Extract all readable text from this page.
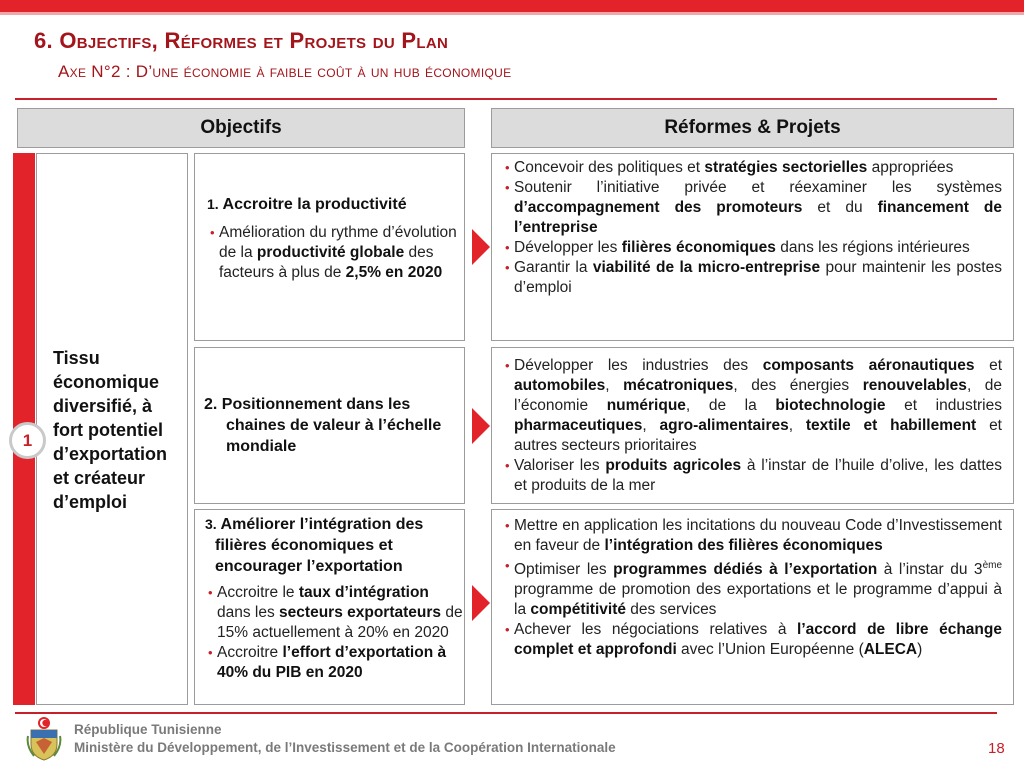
6. Objectifs, Réformes et Projets du Plan
Axe N°2 : D’une économie à faible coût à un hub économique
Objectifs	Réformes & Projets
Tissu économique diversifié, à fort potentiel d’exportation et créateur d’emploi
1
1. Accroitre la productivité
• Amélioration du rythme d’évolution de la productivité globale des facteurs à plus de 2,5% en 2020
2. Positionnement dans les chaines de valeur à l’échelle mondiale
3. Améliorer l’intégration des filières économiques et encourager l’exportation
• Accroitre le taux d’intégration dans les secteurs exportateurs de 15% actuellement à 20% en 2020
• Accroitre l’effort d’exportation à 40% du PIB en 2020
• Concevoir des politiques et stratégies sectorielles appropriées
• Soutenir l’initiative privée et réexaminer les systèmes d’accompagnement des promoteurs et du financement de l’entreprise
• Développer les filières économiques dans les régions intérieures
• Garantir la viabilité de la micro-entreprise pour maintenir les postes d’emploi
• Développer les industries des composants aéronautiques et automobiles, mécatroniques, des énergies renouvelables, de l’économie numérique, de la biotechnologie et industries pharmaceutiques, agro-alimentaires, textile et habillement et autres secteurs prioritaires
• Valoriser les produits agricoles à l’instar de l’huile d’olive, les dattes et produits de la mer
• Mettre en application les incitations du nouveau Code d’Investissement en faveur de l’intégration des filières économiques
• Optimiser les programmes dédiés à l’exportation à l’instar du 3ème programme de promotion des exportations et le programme d’appui à la compétitivité des services
• Achever les négociations relatives à l’accord de libre échange complet et approfondi avec l’Union Européenne (ALECA)
République Tunisienne
Ministère du Développement, de l’Investissement et de la Coopération Internationale	18
